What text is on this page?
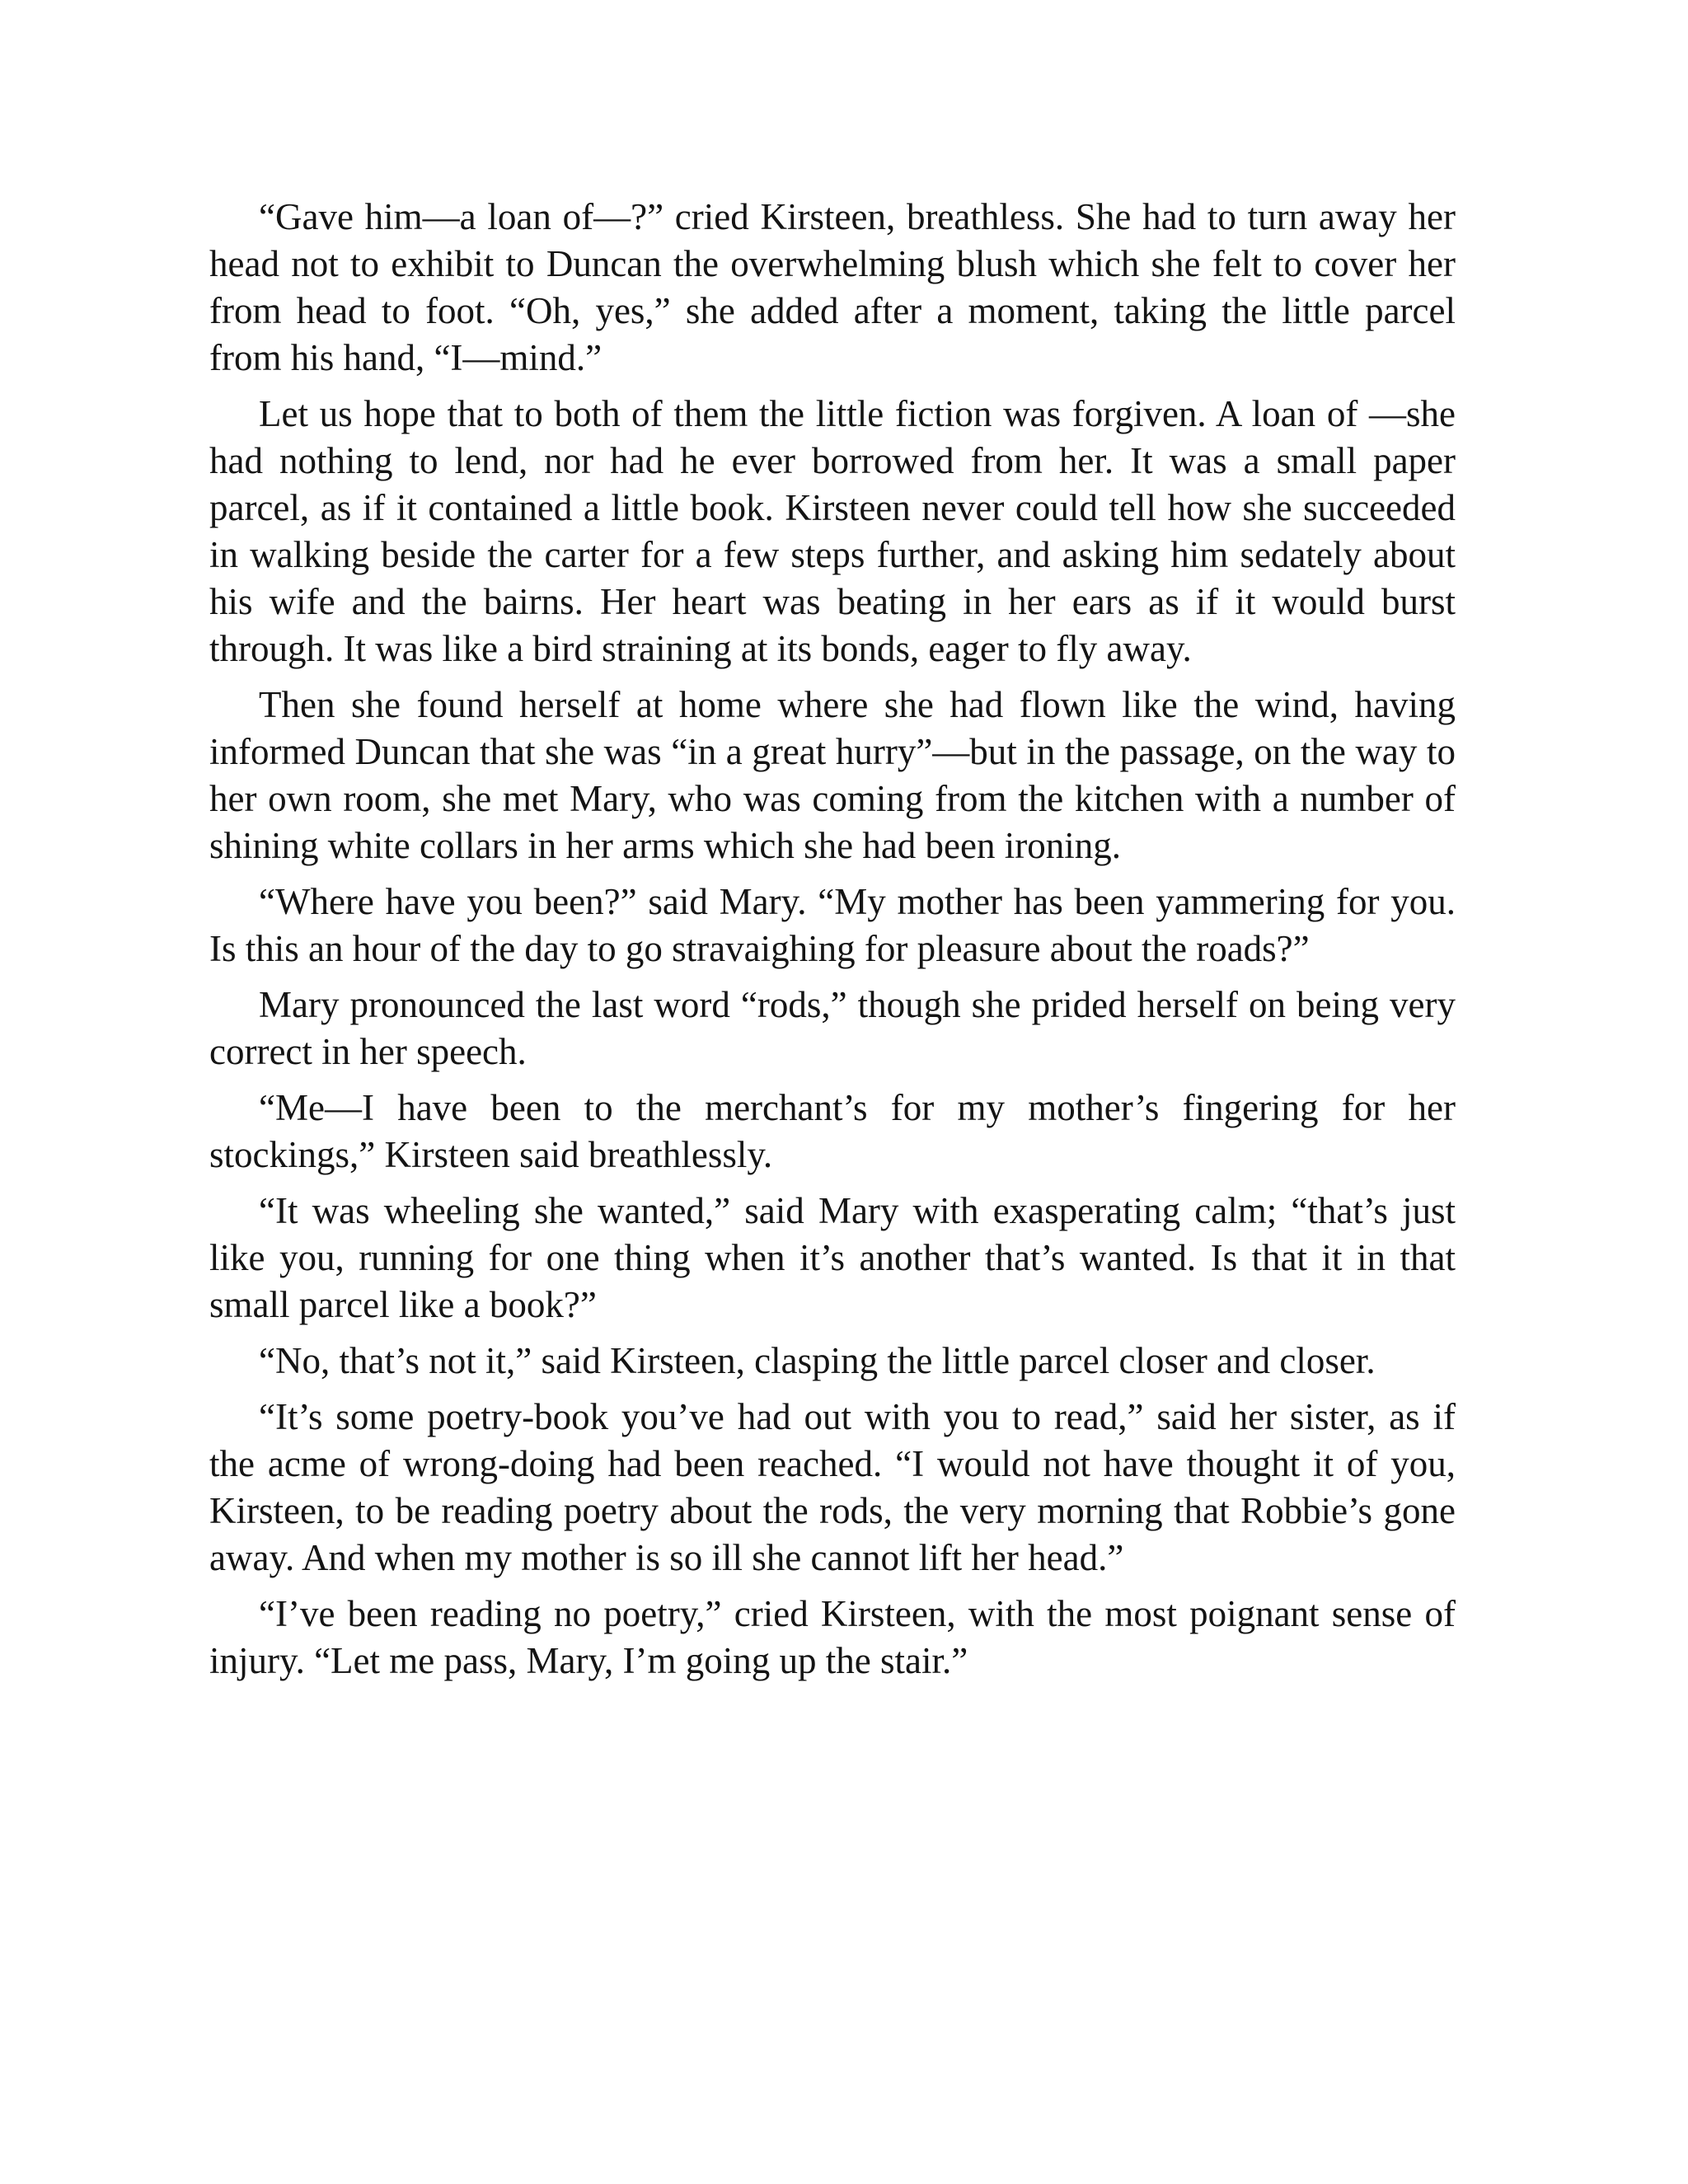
“Gave him—a loan of—?” cried Kirsteen, breathless. She had to turn away her head not to exhibit to Duncan the overwhelming blush which she felt to cover her from head to foot. “Oh, yes,” she added after a moment, taking the little parcel from his hand, “I—mind.”

Let us hope that to both of them the little fiction was forgiven. A loan of —she had nothing to lend, nor had he ever borrowed from her. It was a small paper parcel, as if it contained a little book. Kirsteen never could tell how she succeeded in walking beside the carter for a few steps further, and asking him sedately about his wife and the bairns. Her heart was beating in her ears as if it would burst through. It was like a bird straining at its bonds, eager to fly away.

Then she found herself at home where she had flown like the wind, having informed Duncan that she was “in a great hurry”—but in the passage, on the way to her own room, she met Mary, who was coming from the kitchen with a number of shining white collars in her arms which she had been ironing.

“Where have you been?” said Mary. “My mother has been yammering for you. Is this an hour of the day to go stravaighing for pleasure about the roads?”

Mary pronounced the last word “rods,” though she prided herself on being very correct in her speech.

“Me—I have been to the merchant’s for my mother’s fingering for her stockings,” Kirsteen said breathlessly.

“It was wheeling she wanted,” said Mary with exasperating calm; “that’s just like you, running for one thing when it’s another that’s wanted. Is that it in that small parcel like a book?”

“No, that’s not it,” said Kirsteen, clasping the little parcel closer and closer.

“It’s some poetry-book you’ve had out with you to read,” said her sister, as if the acme of wrong-doing had been reached. “I would not have thought it of you, Kirsteen, to be reading poetry about the rods, the very morning that Robbie’s gone away. And when my mother is so ill she cannot lift her head.”

“I’ve been reading no poetry,” cried Kirsteen, with the most poignant sense of injury. “Let me pass, Mary, I’m going up the stair.”
